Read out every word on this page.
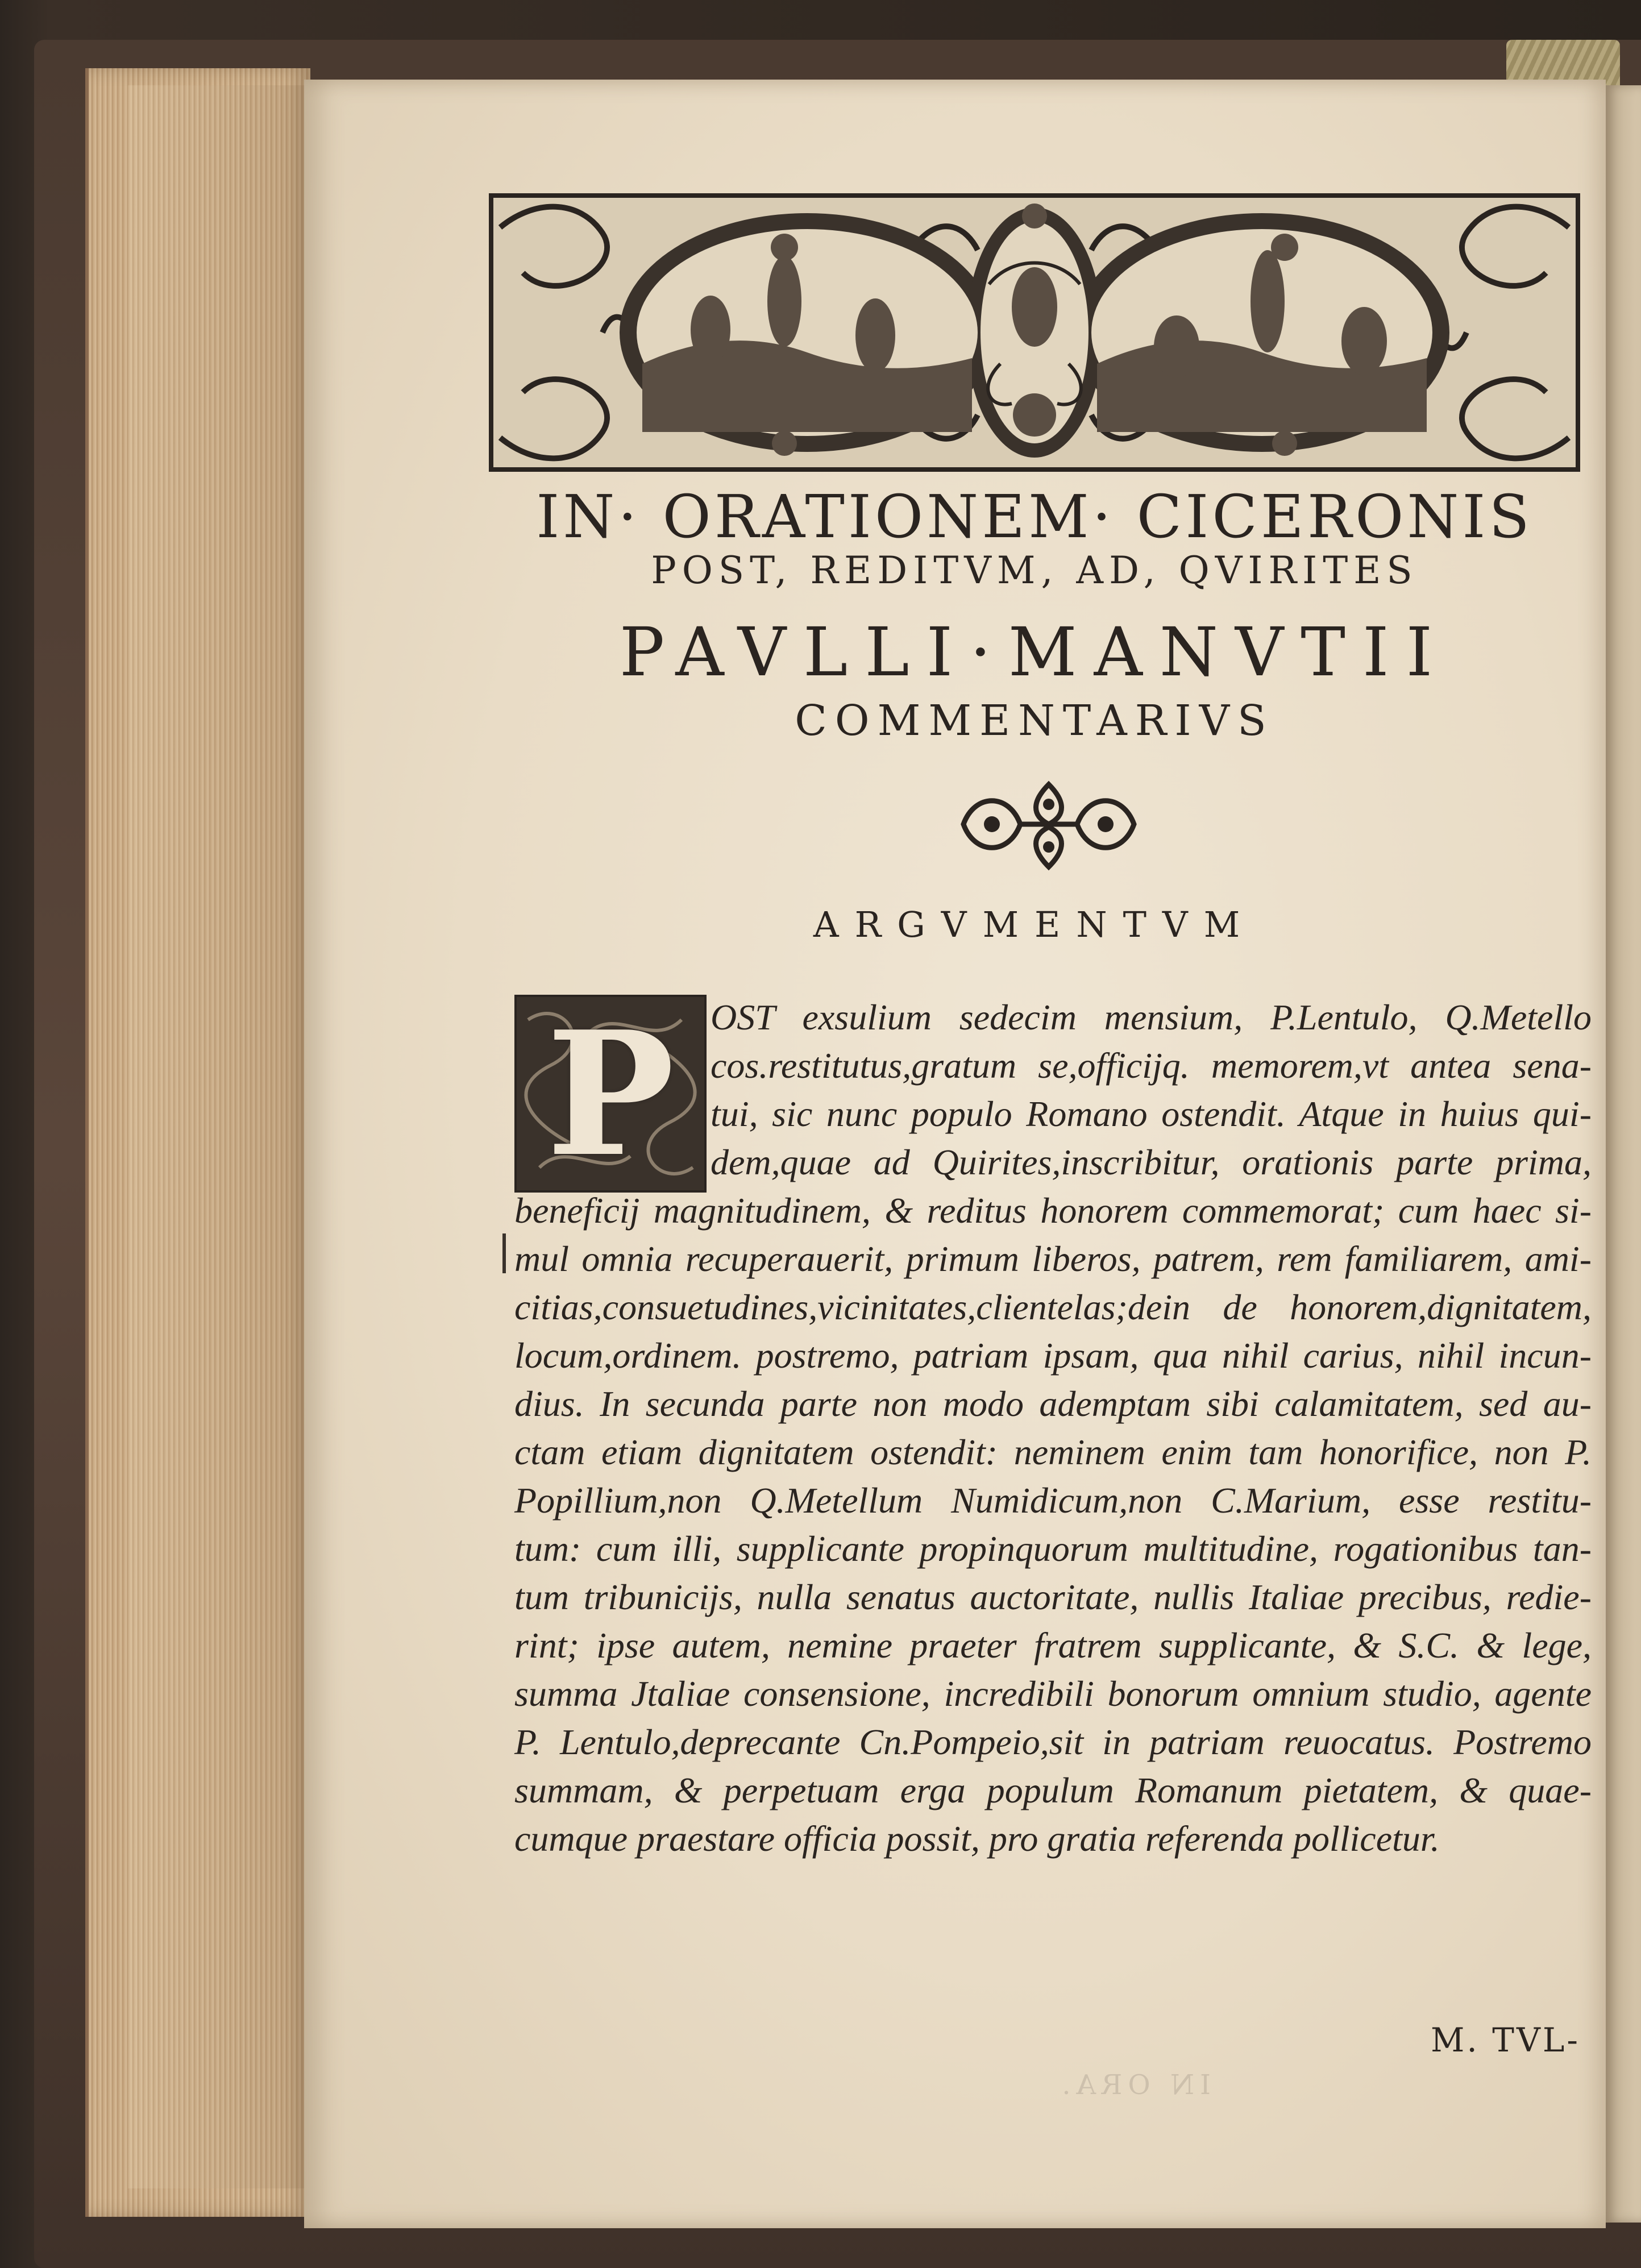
IN· ORATIONEM· CICERONIS
POST, REDITVM, AD, QVIRITES
PAVLLI·MANVTII
COMMENTARIVS
ARGVMENTVM
P OST exsulium sedecim mensium, P.Lentulo, Q.Metello
cos.restitutus,gratum se,officijq. memorem,vt antea sena-
tui, sic nunc populo Romano ostendit. Atque in huius qui-
dem,quae ad Quirites,inscribitur, orationis parte prima,
beneficij magnitudinem, & reditus honorem commemorat; cum haec si-
mul omnia recuperauerit, primum liberos, patrem, rem familiarem, ami-
citias,consuetudines,vicinitates,clientelas;dein de honorem,dignitatem,
locum,ordinem. postremo, patriam ipsam, qua nihil carius, nihil incun-
dius. In secunda parte non modo ademptam sibi calamitatem, sed au-
ctam etiam dignitatem ostendit: neminem enim tam honorifice, non P.
Popillium,non Q.Metellum Numidicum,non C.Marium, esse restitu-
tum: cum illi, supplicante propinquorum multitudine, rogationibus tan-
tum tribunicijs, nulla senatus auctoritate, nullis Italiae precibus, redie-
rint; ipse autem, nemine praeter fratrem supplicante, & S.C. & lege,
summa Jtaliae consensione, incredibili bonorum omnium studio, agente
P. Lentulo,deprecante Cn.Pompeio,sit in patriam reuocatus. Postremo
summam, & perpetuam erga populum Romanum pietatem, & quae-
cumque praestare officia possit, pro gratia referenda pollicetur.
M. TVL-
IN ORA.
